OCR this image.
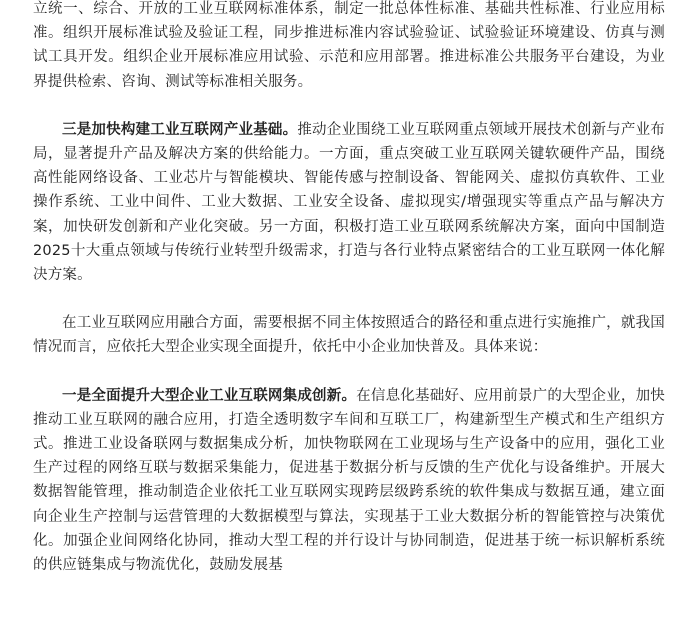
立统一、综合、开放的工业互联网标准体系，制定一批总体性标准、基础共性标准、行业应用标准。组织开展标准试验及验证工程，同步推进标准内容试验验证、试验验证环境建设、仿真与测试工具开发。组织企业开展标准应用试验、示范和应用部署。推进标准公共服务平台建设，为业界提供检索、咨询、测试等标准相关服务。

三是加快构建工业互联网产业基础。推动企业围绕工业互联网重点领域开展技术创新与产业布局，显著提升产品及解决方案的供给能力。一方面，重点突破工业互联网关键软硬件产品，围绕高性能网络设备、工业芯片与智能模块、智能传感与控制设备、智能网关、虚拟仿真软件、工业操作系统、工业中间件、工业大数据、工业安全设备、虚拟现实/增强现实等重点产品与解决方案，加快研发创新和产业化突破。另一方面，积极打造工业互联网系统解决方案，面向中国制造2025十大重点领域与传统行业转型升级需求，打造与各行业特点紧密结合的工业互联网一体化解决方案。

在工业互联网应用融合方面，需要根据不同主体按照适合的路径和重点进行实施推广，就我国情况而言，应依托大型企业实现全面提升，依托中小企业加快普及。具体来说：

一是全面提升大型企业工业互联网集成创新。在信息化基础好、应用前景广的大型企业，加快推动工业互联网的融合应用，打造全透明数字车间和互联工厂，构建新型生产模式和生产组织方式。推进工业设备联网与数据集成分析，加快物联网在工业现场与生产设备中的应用，强化工业生产过程的网络互联与数据采集能力，促进基于数据分析与反馈的生产优化与设备维护。开展大数据智能管理，推动制造企业依托工业互联网实现跨层级跨系统的软件集成与数据互通，建立面向企业生产控制与运营管理的大数据模型与算法，实现基于工业大数据分析的智能管控与决策优化。加强企业间网络化协同，推动大型工程的并行设计与协同制造，促进基于统一标识解析系统的供应链集成与物流优化，鼓励发展基
